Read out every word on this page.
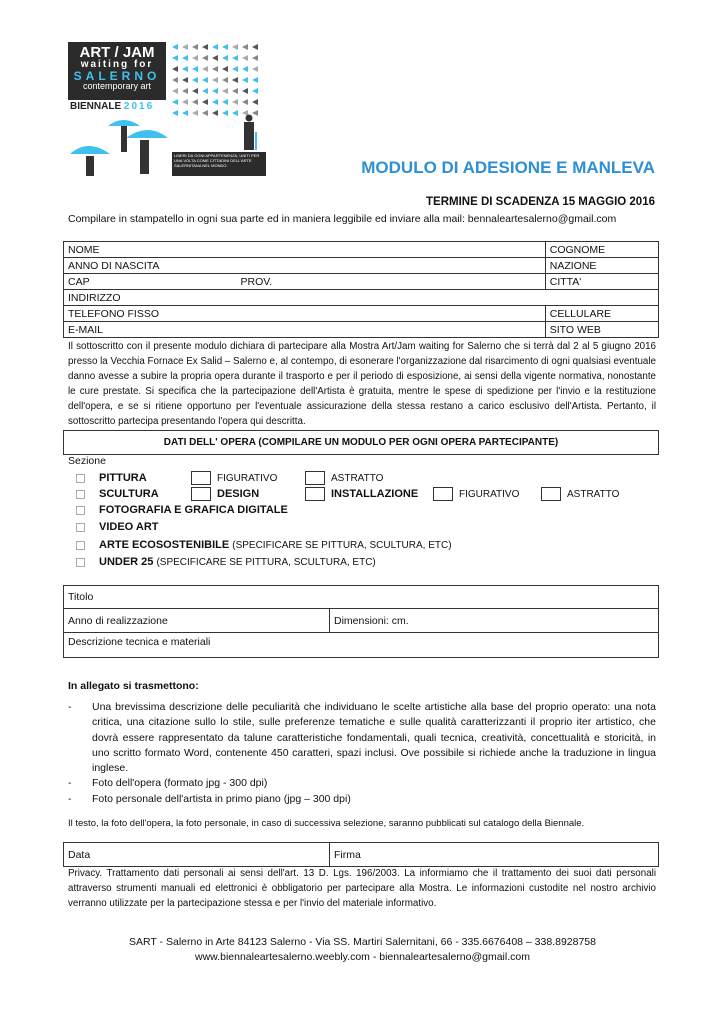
ART / JAM
waiting for
SALERNO
contemporary art
BIENNALE 2016
LIBERI DA OGNI APPARTENENZA, UNITI PER UNA VOLTA COME CITTADINI DELL'ARTE SALERNITANA NEL MONDO.	MODULO DI ADESIONE E MANLEVA
TERMINE DI SCADENZA 15 MAGGIO 2016
Compilare in stampatello in ogni sua parte ed in maniera leggibile ed inviare alla mail: bennaleartesalerno@gmail.com
NOME	COGNOME
ANNO DI NASCITA	NAZIONE
CAP PROV.	CITTA'
INDIRIZZO	
TELEFONO FISSO	CELLULARE
E-MAIL	SITO WEB
Il sottoscritto con il presente modulo dichiara di partecipare alla Mostra Art/Jam waiting for Salerno che si terrà dal 2 al 5 giugno 2016 presso la Vecchia Fornace Ex Salid – Salerno e, al contempo, di esonerare l'organizzazione dal risarcimento di ogni qualsiasi eventuale danno avesse a subire la propria opera durante il trasporto e per il periodo di esposizione, ai sensi della vigente normativa, nonostante le cure prestate. Si specifica che la partecipazione dell'Artista è gratuita, mentre le spese di spedizione per l'invio e la restituzione dell'opera, e se si ritiene opportuno per l'eventuale assicurazione della stessa restano a carico esclusivo dell'Artista. Pertanto, il sottoscritto partecipa presentando l'opera qui descritta.
DATI DELL' OPERA (COMPILARE UN MODULO PER OGNI OPERA PARTECIPANTE)
Sezione
PITTURA	FIGURATIVO	ASTRATTO
SCULTURA	DESIGN	INSTALLAZIONE	FIGURATIVO	ASTRATTO
FOTOGRAFIA E GRAFICA DIGITALE
VIDEO ART
ARTE ECOSOSTENIBILE
(SPECIFICARE SE PITTURA, SCULTURA, ETC)
UNDER 25
(SPECIFICARE SE PITTURA, SCULTURA, ETC)
Titolo
Anno di realizzazione	Dimensioni: cm.
Descrizione tecnica e materiali
In allegato si trasmettono:
-	Una brevissima descrizione delle peculiarità che individuano le scelte artistiche alla base del proprio operato: una nota critica, una citazione sullo lo stile, sulle preferenze tematiche e sulle qualità caratterizzanti il proprio iter artistico, che dovrà essere rappresentato da talune caratteristiche fondamentali, quali tecnica, creatività, concettualità e storicità, in uno scritto formato Word, contenente 450 caratteri, spazi inclusi. Ove possibile si richiede anche la traduzione in lingua inglese.
-	Foto dell'opera (formato jpg - 300 dpi)
-	Foto personale dell'artista in primo piano (jpg – 300 dpi)
Il testo, la foto dell'opera, la foto personale, in caso di successiva selezione, saranno pubblicati sul catalogo della Biennale.
Data	Firma
Privacy. Trattamento dati personali ai sensi dell'art. 13 D. Lgs. 196/2003. La informiamo che il trattamento dei suoi dati personali attraverso strumenti manuali ed elettronici è obbligatorio per partecipare alla Mostra. Le informazioni custodite nel nostro archivio verranno utilizzate per la partecipazione stessa e per l'invio del materiale informativo.
SART - Salerno in Arte 84123 Salerno - Via SS. Martiri Salernitani, 66 - 335.6676408 – 338.8928758
www.biennaleartesalerno.weebly.com - biennaleartesalerno@gmail.com
